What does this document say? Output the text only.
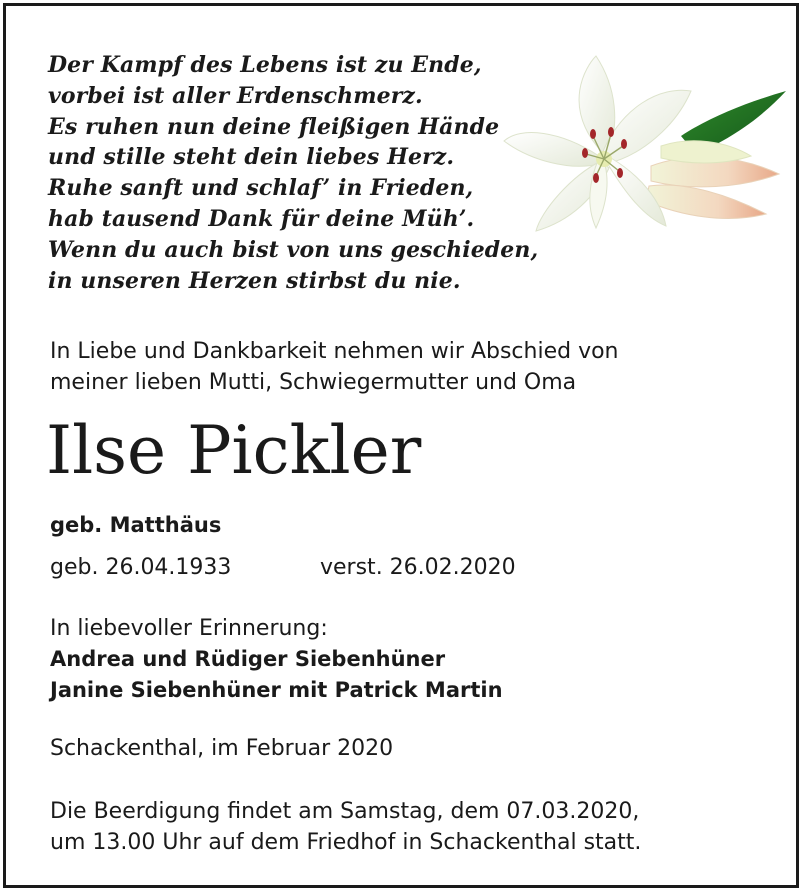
Der Kampf des Lebens ist zu Ende,
vorbei ist aller Erdenschmerz.
Es ruhen nun deine fleißigen Hände
und stille steht dein liebes Herz.
Ruhe sanft und schlaf’ in Frieden,
hab tausend Dank für deine Müh’.
Wenn du auch bist von uns geschieden,
in unseren Herzen stirbst du nie.
In Liebe und Dankbarkeit nehmen wir Abschied von
meiner lieben Mutti, Schwiegermutter und Oma
Ilse Pickler
geb. Matthäus
geb. 26.04.1933	verst. 26.02.2020
In liebevoller Erinnerung:
Andrea und Rüdiger Siebenhüner
Janine Siebenhüner mit Patrick Martin
Schackenthal, im Februar 2020
Die Beerdigung findet am Samstag, dem 07.03.2020,
um 13.00 Uhr auf dem Friedhof in Schackenthal statt.
